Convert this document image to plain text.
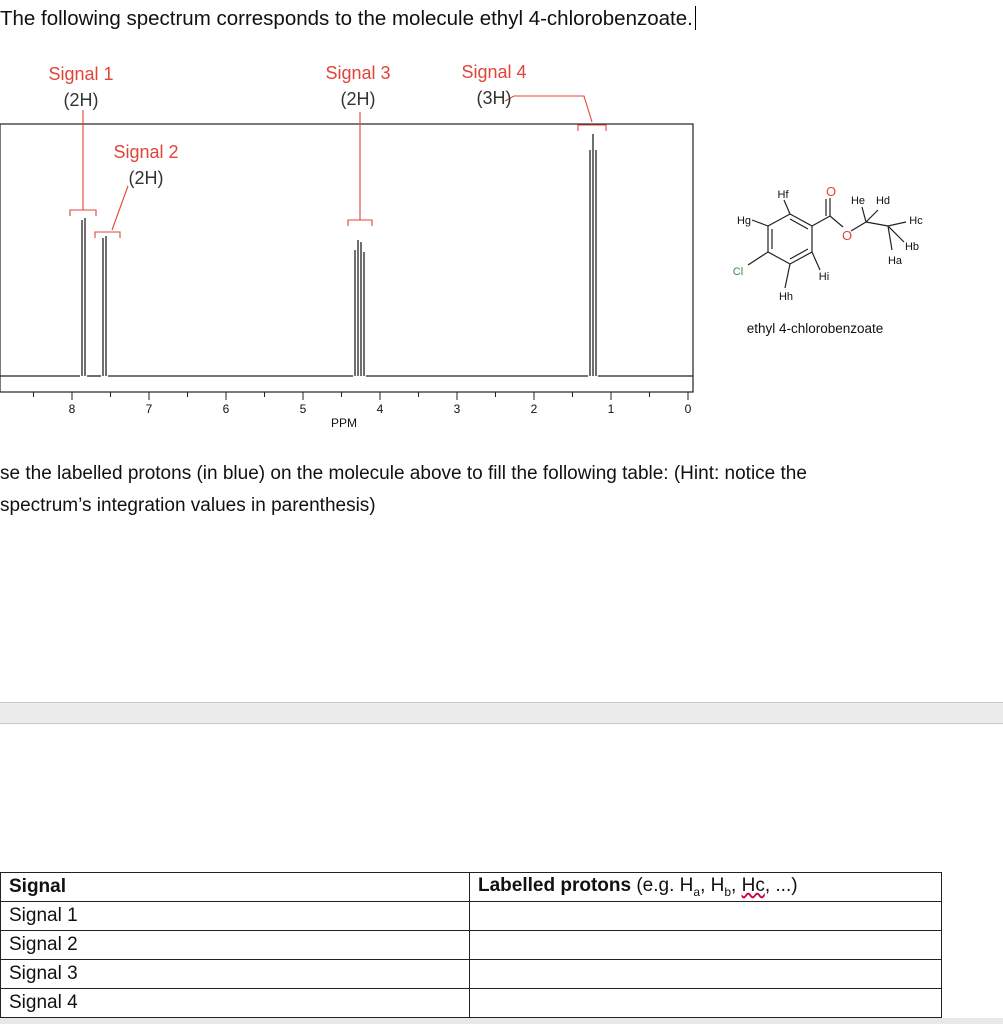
The following spectrum corresponds to the molecule ethyl 4-chlorobenzoate.
8	7	6	5	4	3	2	1	0
PPM
Signal 1
(2H)
Signal 2
(2H)
Signal 3
(2H)
Signal 4
(3H)
O
O
Cl
Hf	He Hd
Hc
Hb
Ha
Hg
Hi
Hh
ethyl 4-chlorobenzoate
se the labelled protons (in blue) on the molecule above to fill the following table: (Hint: notice the
spectrum’s integration values in parenthesis)
Signal	Labelled protons (e.g. $H_a$, $H_b$, Hc, ...)
Signal 1	
Signal 2	
Signal 3	
Signal 4	
